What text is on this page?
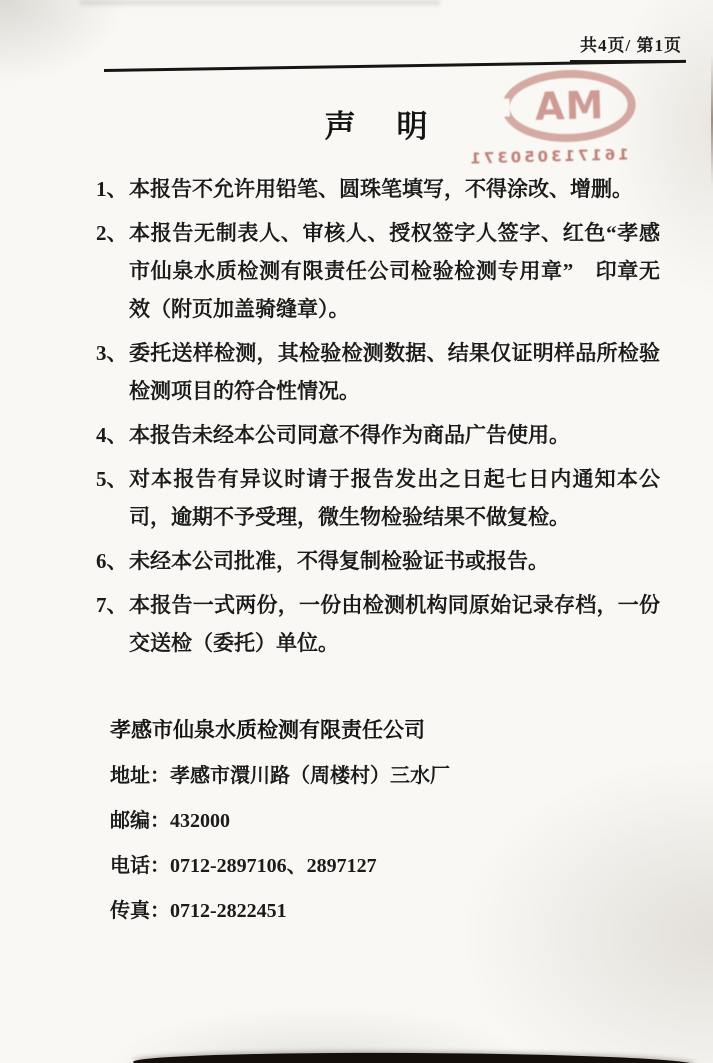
共4页/ 第1页
MA
161713050371
声　明
1、 本报告不允许用铅笔、圆珠笔填写，不得涂改、增删。
2、 本报告无制表人、审核人、授权签字人签字、红色“孝感市仙泉水质检测有限责任公司检验检测专用章”　印章无效（附页加盖骑缝章）。
3、 委托送样检测，其检验检测数据、结果仅证明样品所检验检测项目的符合性情况。
4、 本报告未经本公司同意不得作为商品广告使用。
5、 对本报告有异议时请于报告发出之日起七日内通知本公司，逾期不予受理，微生物检验结果不做复检。
6、 未经本公司批准，不得复制检验证书或报告。
7、 本报告一式两份，一份由检测机构同原始记录存档，一份交送检（委托）单位。
孝感市仙泉水质检测有限责任公司
地址：孝感市澴川路（周楼村）三水厂
邮编：432000
电话：0712-2897106、2897127
传真：0712-2822451
